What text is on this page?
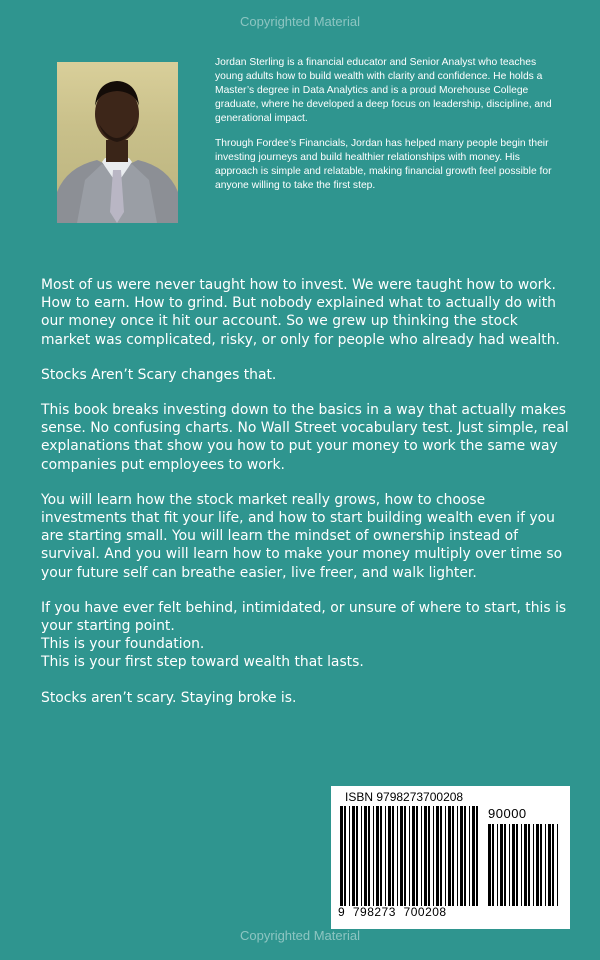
Copyrighted Material

Jordan Sterling is a financial educator and Senior Analyst who teaches young adults how to build wealth with clarity and confidence. He holds a Master’s degree in Data Analytics and is a proud Morehouse College graduate, where he developed a deep focus on leadership, discipline, and generational impact.

Through Fordee’s Financials, Jordan has helped many people begin their investing journeys and build healthier relationships with money. His approach is simple and relatable, making financial growth feel possible for anyone willing to take the first step.

Most of us were never taught how to invest. We were taught how to work. How to earn. How to grind. But nobody explained what to actually do with our money once it hit our account. So we grew up thinking the stock market was complicated, risky, or only for people who already had wealth.

Stocks Aren’t Scary changes that.

This book breaks investing down to the basics in a way that actually makes sense. No confusing charts. No Wall Street vocabulary test. Just simple, real explanations that show you how to put your money to work the same way companies put employees to work.

You will learn how the stock market really grows, how to choose investments that fit your life, and how to start building wealth even if you are starting small. You will learn the mindset of ownership instead of survival. And you will learn how to make your money multiply over time so your future self can breathe easier, live freer, and walk lighter.

If you have ever felt behind, intimidated, or unsure of where to start, this is your starting point.
This is your foundation.
This is your first step toward wealth that lasts.

Stocks aren’t scary. Staying broke is.

ISBN 9798273700208
90000
9  798273  700208
Copyrighted Material
